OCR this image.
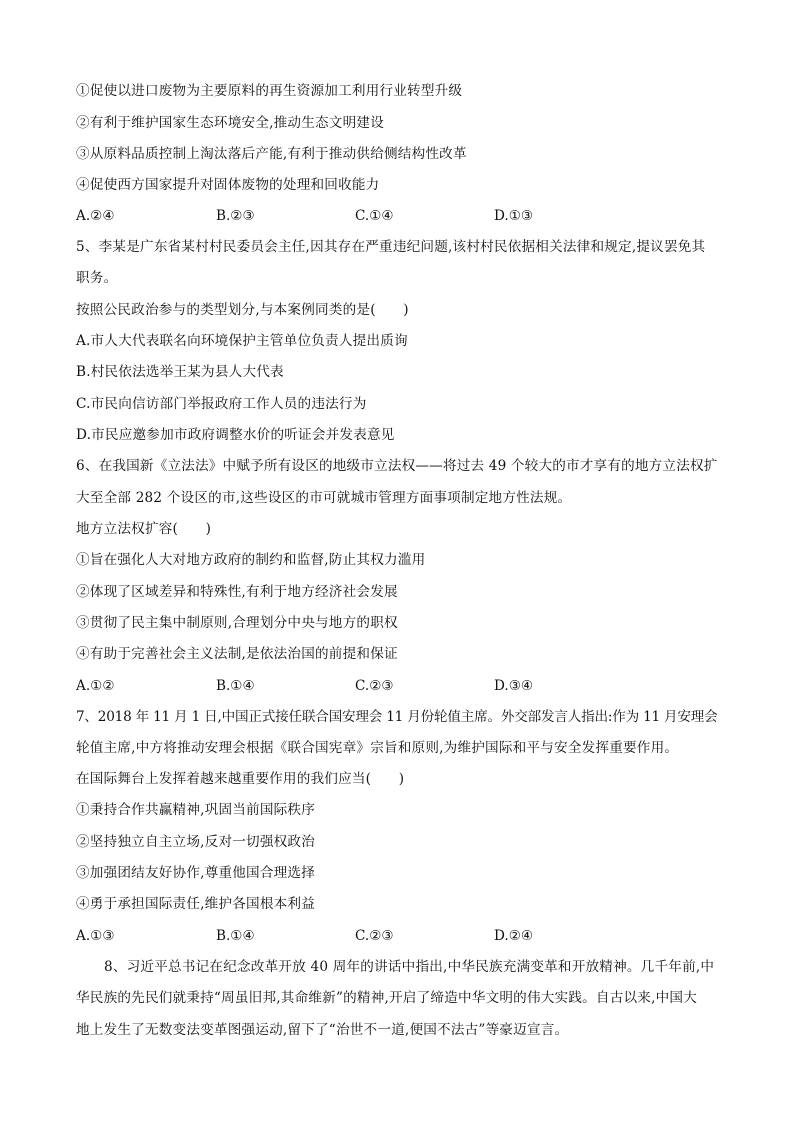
①促使以进口废物为主要原料的再生资源加工利用行业转型升级
②有利于维护国家生态环境安全,推动生态文明建设
③从原料品质控制上淘汰落后产能,有利于推动供给侧结构性改革
④促使西方国家提升对固体废物的处理和回收能力
A.②④	B.②③	C.①④	D.①③
5、李某是广东省某村村民委员会主任,因其存在严重违纪问题,该村村民依据相关法律和规定,提议罢免其
职务。
按照公民政治参与的类型划分,与本案例同类的是(　　)
A.市人大代表联名向环境保护主管单位负责人提出质询
B.村民依法选举王某为县人大代表
C.市民向信访部门举报政府工作人员的违法行为
D.市民应邀参加市政府调整水价的听证会并发表意见
6、在我国新《立法法》中赋予所有设区的地级市立法权——将过去 49 个较大的市才享有的地方立法权扩
大至全部 282 个设区的市,这些设区的市可就城市管理方面事项制定地方性法规。
地方立法权扩容(　　)
①旨在强化人大对地方政府的制约和监督,防止其权力滥用
②体现了区域差异和特殊性,有利于地方经济社会发展
③贯彻了民主集中制原则,合理划分中央与地方的职权
④有助于完善社会主义法制,是依法治国的前提和保证
A.①②	B.①④	C.②③	D.③④
7、2018 年 11 月 1 日,中国正式接任联合国安理会 11 月份轮值主席。外交部发言人指出:作为 11 月安理会
轮值主席,中方将推动安理会根据《联合国宪章》宗旨和原则,为维护国际和平与安全发挥重要作用。
在国际舞台上发挥着越来越重要作用的我们应当(　　)
①秉持合作共赢精神,巩固当前国际秩序
②坚持独立自主立场,反对一切强权政治
③加强团结友好协作,尊重他国合理选择
④勇于承担国际责任,维护各国根本利益
A.①③	B.①④	C.②③	D.②④
8、习近平总书记在纪念改革开放 40 周年的讲话中指出,中华民族充满变革和开放精神。几千年前,中
华民族的先民们就秉持“周虽旧邦,其命维新”的精神,开启了缔造中华文明的伟大实践。自古以来,中国大
地上发生了无数变法变革图强运动,留下了“治世不一道,便国不法古”等豪迈宣言。
